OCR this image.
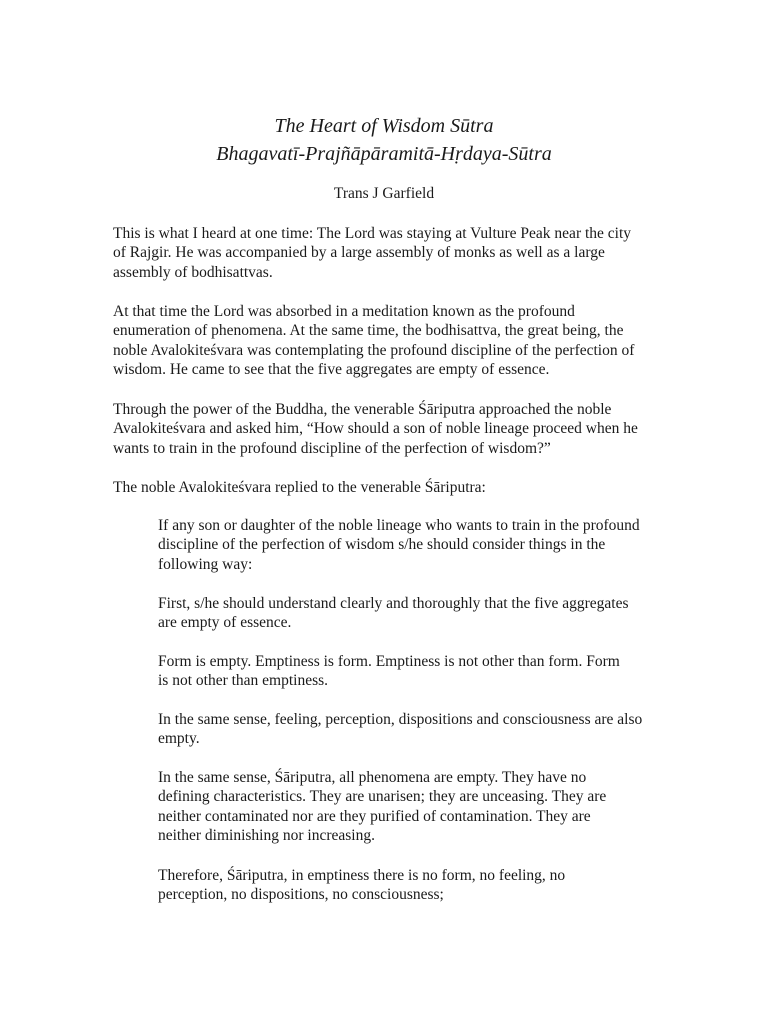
The Heart of Wisdom Sūtra
Bhagavatī-Prajñāpāramitā-Hṛdaya-Sūtra
Trans J Garfield

This is what I heard at one time: The Lord was staying at Vulture Peak near the city
of Rajgir. He was accompanied by a large assembly of monks as well as a large
assembly of bodhisattvas.

At that time the Lord was absorbed in a meditation known as the profound
enumeration of phenomena. At the same time, the bodhisattva, the great being, the
noble Avalokiteśvara was contemplating the profound discipline of the perfection of
wisdom. He came to see that the five aggregates are empty of essence.

Through the power of the Buddha, the venerable Śāriputra approached the noble
Avalokiteśvara and asked him, “How should a son of noble lineage proceed when he
wants to train in the profound discipline of the perfection of wisdom?”

The noble Avalokiteśvara replied to the venerable Śāriputra:

If any son or daughter of the noble lineage who wants to train in the profound
discipline of the perfection of wisdom s/he should consider things in the
following way:

First, s/he should understand clearly and thoroughly that the five aggregates
are empty of essence.

Form is empty. Emptiness is form. Emptiness is not other than form. Form
is not other than emptiness.

In the same sense, feeling, perception, dispositions and consciousness are also
empty.

In the same sense, Śāriputra, all phenomena are empty. They have no
defining characteristics. They are unarisen; they are unceasing. They are
neither contaminated nor are they purified of contamination. They are
neither diminishing nor increasing.

Therefore, Śāriputra, in emptiness there is no form, no feeling, no
perception, no dispositions, no consciousness;
